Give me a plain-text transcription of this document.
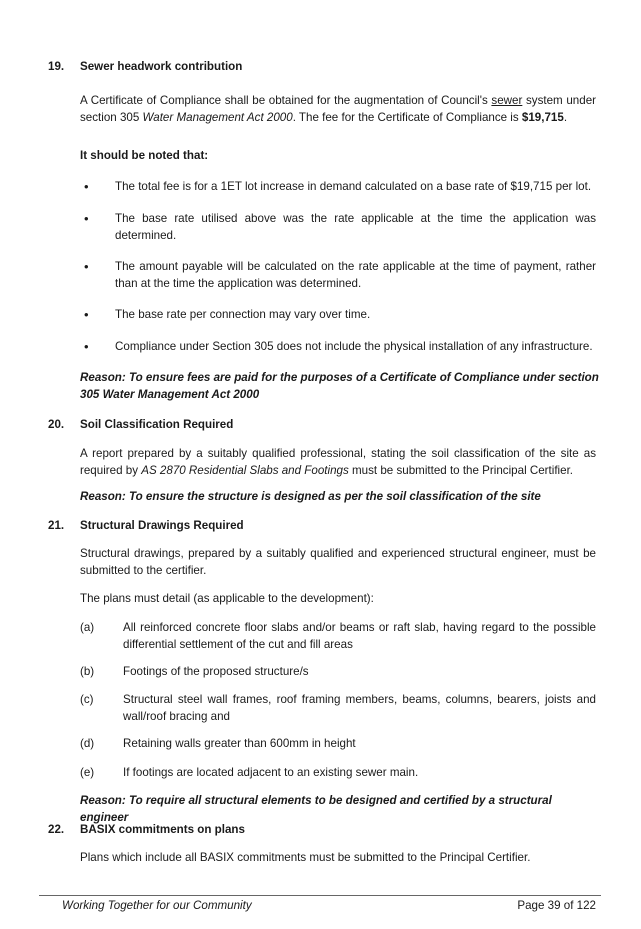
19. Sewer headwork contribution
A Certificate of Compliance shall be obtained for the augmentation of Council's sewer system under section 305 Water Management Act 2000. The fee for the Certificate of Compliance is $19,715.
It should be noted that:
• The total fee is for a 1ET lot increase in demand calculated on a base rate of $19,715 per lot.
• The base rate utilised above was the rate applicable at the time the application was determined.
• The amount payable will be calculated on the rate applicable at the time of payment, rather than at the time the application was determined.
• The base rate per connection may vary over time.
• Compliance under Section 305 does not include the physical installation of any infrastructure.
Reason: To ensure fees are paid for the purposes of a Certificate of Compliance under section 305 Water Management Act 2000
20. Soil Classification Required
A report prepared by a suitably qualified professional, stating the soil classification of the site as required by AS 2870 Residential Slabs and Footings must be submitted to the Principal Certifier.
Reason: To ensure the structure is designed as per the soil classification of the site
21. Structural Drawings Required
Structural drawings, prepared by a suitably qualified and experienced structural engineer, must be submitted to the certifier.
The plans must detail (as applicable to the development):
(a) All reinforced concrete floor slabs and/or beams or raft slab, having regard to the possible differential settlement of the cut and fill areas
(b) Footings of the proposed structure/s
(c)	Structural steel wall frames, roof framing members, beams, columns, bearers, joists and wall/roof bracing and
(d) Retaining walls greater than 600mm in height
(e) If footings are located adjacent to an existing sewer main.
Reason: To require all structural elements to be designed and certified by a structural engineer
22. BASIX commitments on plans
Plans which include all BASIX commitments must be submitted to the Principal Certifier.
Working Together for our Community	Page 39 of 122
